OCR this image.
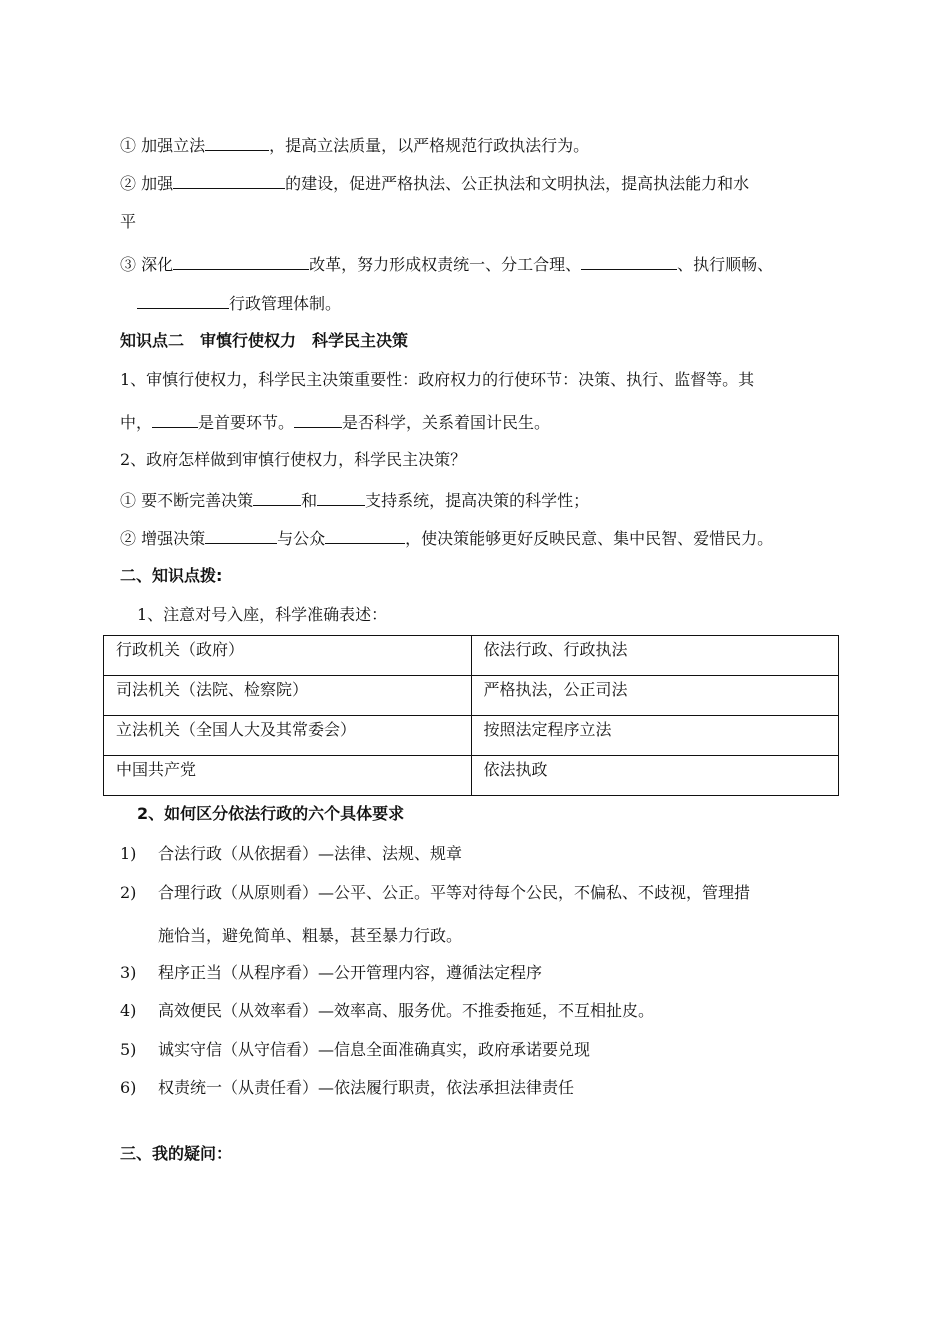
① 加强立法	，提高立法质量，以严格规范行政执法行为。
② 加强	的建设，促进严格执法、公正执法和文明执法，提高执法能力和水
平
③ 深化	改革，努力形成权责统一、分工合理、	、执行顺畅、
行政管理体制。
知识点二　审慎行使权力　科学民主决策
1、审慎行使权力，科学民主决策重要性：政府权力的行使环节：决策、执行、监督等。其
中，	是首要环节。	是否科学，关系着国计民生。
2、政府怎样做到审慎行使权力，科学民主决策？
① 要不断完善决策	和	支持系统，提高决策的科学性；
② 增强决策	与公众	，使决策能够更好反映民意、集中民智、爱惜民力。
二、知识点拨:
1、注意对号入座，科学准确表述：
行政机关（政府）	依法行政、行政执法
司法机关（法院、检察院）	严格执法，公正司法
立法机关（全国人大及其常委会）	按照法定程序立法
中国共产党	依法执政
2、如何区分依法行政的六个具体要求
1) 合法行政（从依据看）—法律、法规、规章
2) 合理行政（从原则看）—公平、公正。平等对待每个公民，不偏私、不歧视，管理措
施恰当，避免简单、粗暴，甚至暴力行政。
3) 程序正当（从程序看）—公开管理内容，遵循法定程序
4) 高效便民（从效率看）—效率高、服务优。不推委拖延，不互相扯皮。
5) 诚实守信（从守信看）—信息全面准确真实，政府承诺要兑现
6) 权责统一（从责任看）—依法履行职责，依法承担法律责任
三、我的疑问：
